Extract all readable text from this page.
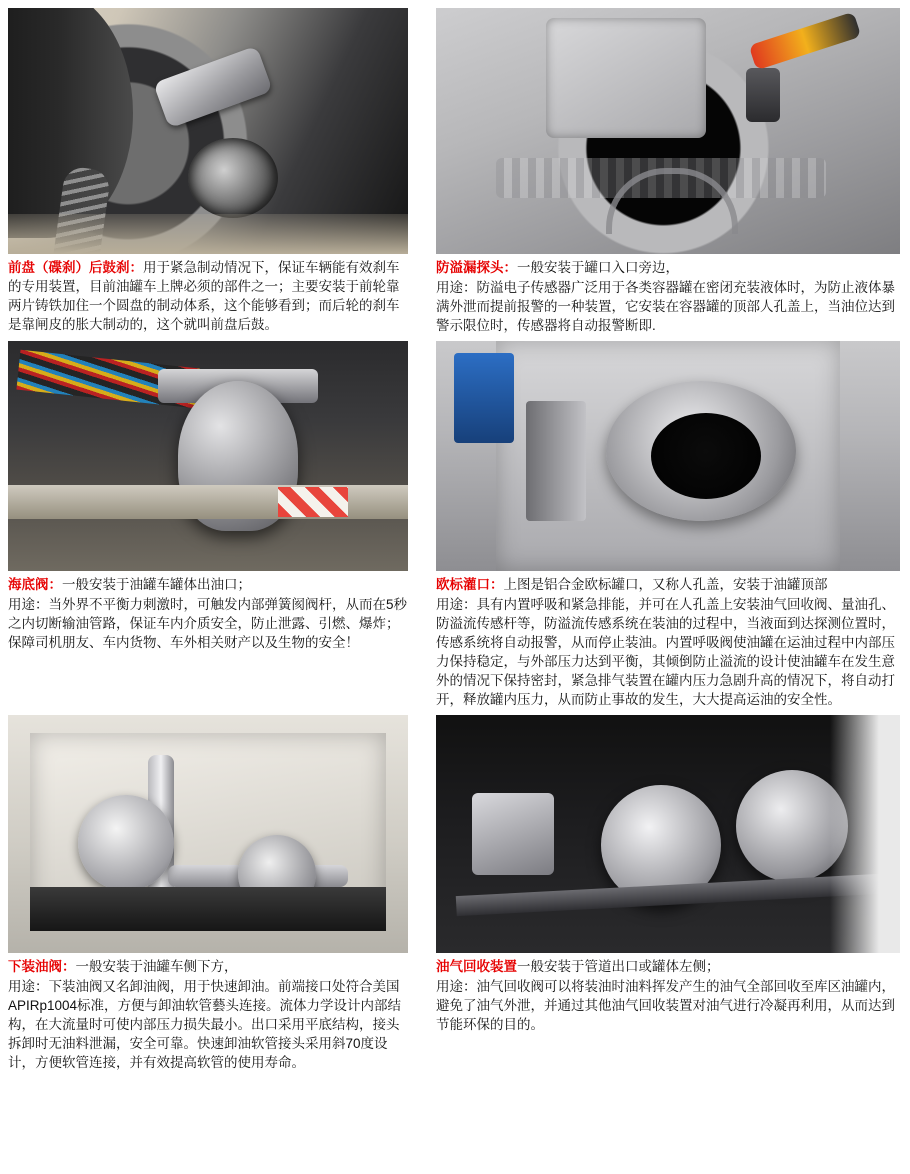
前盘（碟刹）后鼓刹：用于紧急制动情况下，保证车辆能有效刹车的专用装置，目前油罐车上牌必须的部件之一；主要安装于前轮靠两片铸铁加住一个圆盘的制动体系，这个能够看到；而后轮的刹车是靠闸皮的胀大制动的，这个就叫前盘后鼓。
防溢漏探头：一般安装于罐口入口旁边，
用途：防溢电子传感器广泛用于各类容器罐在密闭充装液体时，为防止液体暴满外泄而提前报警的一种装置，它安装在容器罐的顶部人孔盖上，当油位达到警示限位时，传感器将自动报警断即.
海底阀：一般安装于油罐车罐体出油口；
用途：当外界不平衡力刺激时，可触发内部弹簧阂阀杆，从而在5秒之内切断输油管路，保证车内介质安全，防止泄露、引燃、爆炸；保障司机朋友、车内货物、车外相关财产以及生物的安全！
欧标灌口：上图是铝合金欧标罐口，又称人孔盖，安装于油罐顶部
用途：具有内置呼吸和紧急排能，并可在人孔盖上安装油气回收阀、量油孔、防溢流传感杆等，防溢流传感系统在装油的过程中，当液面到达探测位置时，传感系统将自动报警，从而停止装油。内置呼吸阀使油罐在运油过程中内部压力保持稳定，与外部压力达到平衡，其倾倒防止溢流的设计使油罐车在发生意外的情况下保持密封，紧急排气装置在罐内压力急剧升高的情况下，将自动打开，释放罐内压力，从而防止事故的发生，大大提高运油的安全性。
下装油阀：一般安装于油罐车侧下方，
用途：下装油阀又名卸油阀，用于快速卸油。前端接口处符合美国APIRp1004标准，方便与卸油软管藝头连接。流体力学设计内部结构，在大流量时可使内部压力损失最小。出口采用平底结构，接头拆卸时无油料泄漏，安全可靠。快速卸油软管接头采用斜70度设计，方便软管连接，并有效提高软管的使用寿命。
油气回收装置一般安装于管道出口或罐体左侧；
用途：油气回收阀可以将装油时油料挥发产生的油气全部回收至库区油罐内，避免了油气外泄，并通过其他油气回收装置对油气进行冷凝再利用，从而达到节能环保的目的。
